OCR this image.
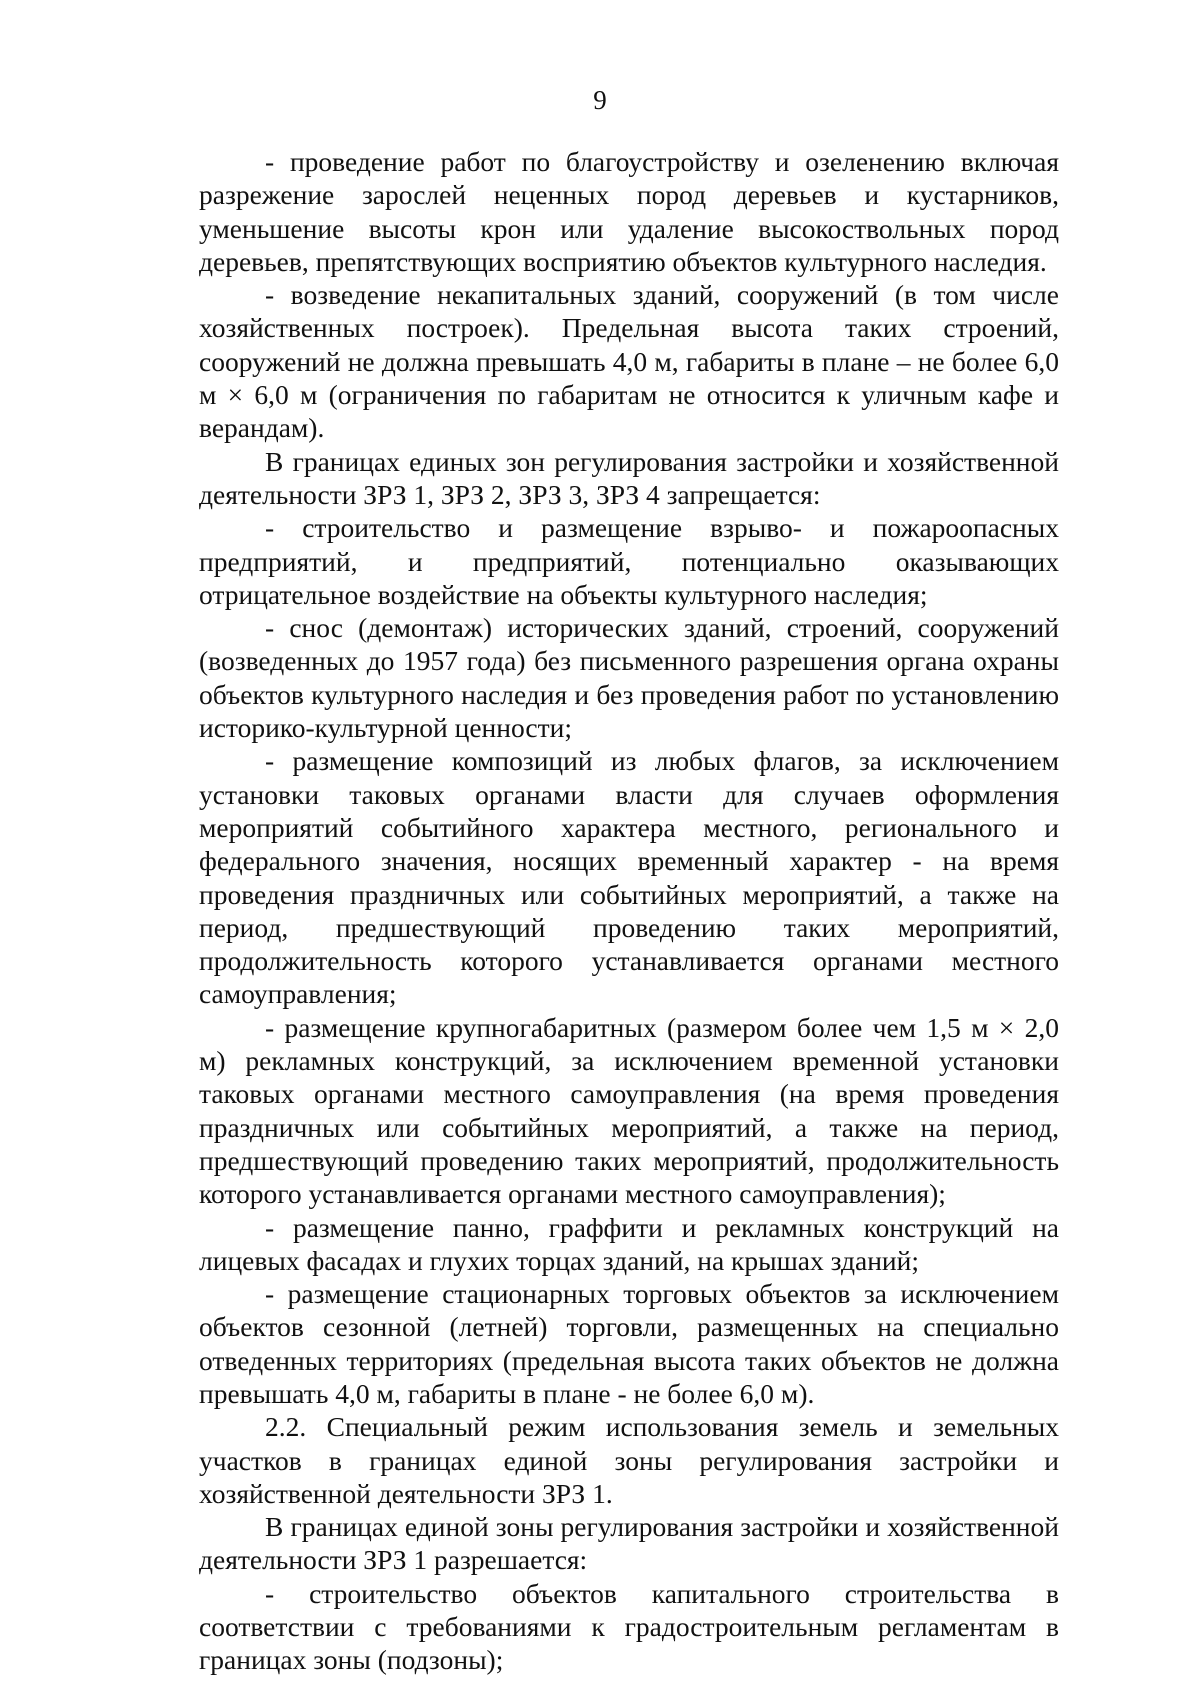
9

- проведение работ по благоустройству и озеленению включая разрежение зарослей неценных пород деревьев и кустарников, уменьшение высоты крон или удаление высокоствольных пород деревьев, препятствующих восприятию объектов культурного наследия.

- возведение некапитальных зданий, сооружений (в том числе хозяйственных построек). Предельная высота таких строений, сооружений не должна превышать 4,0 м, габариты в плане – не более 6,0 м × 6,0 м (ограничения по габаритам не относится к уличным кафе и верандам).

В границах единых зон регулирования застройки и хозяйственной деятельности ЗРЗ 1, ЗРЗ 2, ЗРЗ 3, ЗРЗ 4 запрещается:

- строительство и размещение взрыво- и пожароопасных предприятий, и предприятий, потенциально оказывающих отрицательное воздействие на объекты культурного наследия;

- снос (демонтаж) исторических зданий, строений, сооружений (возведенных до 1957 года) без письменного разрешения органа охраны объектов культурного наследия и без проведения работ по установлению историко-культурной ценности;

- размещение композиций из любых флагов, за исключением установки таковых органами власти для случаев оформления мероприятий событийного характера местного, регионального и федерального значения, носящих временный характер - на время проведения праздничных или событийных мероприятий, а также на период, предшествующий проведению таких мероприятий, продолжительность которого устанавливается органами местного самоуправления;

- размещение крупногабаритных (размером более чем 1,5 м × 2,0 м) рекламных конструкций, за исключением временной установки таковых органами местного самоуправления (на время проведения праздничных или событийных мероприятий, а также на период, предшествующий проведению таких мероприятий, продолжительность которого устанавливается органами местного самоуправления);

- размещение панно, граффити и рекламных конструкций на лицевых фасадах и глухих торцах зданий, на крышах зданий;

- размещение стационарных торговых объектов за исключением объектов сезонной (летней) торговли, размещенных на специально отведенных территориях (предельная высота таких объектов не должна превышать 4,0 м, габариты в плане - не более 6,0 м).

2.2. Специальный режим использования земель и земельных участков в границах единой зоны регулирования застройки и хозяйственной деятельности ЗРЗ 1.

В границах единой зоны регулирования застройки и хозяйственной деятельности ЗРЗ 1 разрешается:

- строительство объектов капитального строительства в соответствии с требованиями к градостроительным регламентам в границах зоны (подзоны);
